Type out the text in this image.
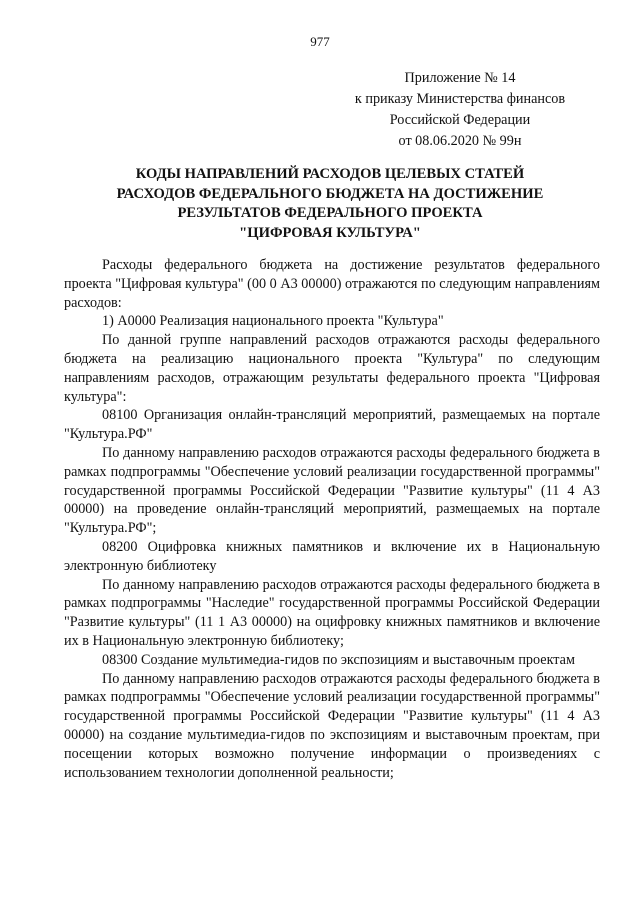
977
Приложение № 14
к приказу Министерства финансов
Российской Федерации
от 08.06.2020 № 99н
КОДЫ НАПРАВЛЕНИЙ РАСХОДОВ ЦЕЛЕВЫХ СТАТЕЙ
РАСХОДОВ ФЕДЕРАЛЬНОГО БЮДЖЕТА НА ДОСТИЖЕНИЕ
РЕЗУЛЬТАТОВ ФЕДЕРАЛЬНОГО ПРОЕКТА
"ЦИФРОВАЯ КУЛЬТУРА"

Расходы федерального бюджета на достижение результатов федерального проекта "Цифровая культура" (00 0 А3 00000) отражаются по следующим направлениям расходов:

1) А0000 Реализация национального проекта "Культура"

По данной группе направлений расходов отражаются расходы федерального бюджета на реализацию национального проекта "Культура" по следующим направлениям расходов, отражающим результаты федерального проекта "Цифровая культура":

08100 Организация онлайн-трансляций мероприятий, размещаемых на портале "Культура.РФ"

По данному направлению расходов отражаются расходы федерального бюджета в рамках подпрограммы "Обеспечение условий реализации государственной программы" государственной программы Российской Федерации "Развитие культуры" (11 4 А3 00000) на проведение онлайн-трансляций мероприятий, размещаемых на портале "Культура.РФ";

08200 Оцифровка книжных памятников и включение их в Национальную электронную библиотеку

По данному направлению расходов отражаются расходы федерального бюджета в рамках подпрограммы "Наследие" государственной программы Российской Федерации "Развитие культуры" (11 1 А3 00000) на оцифровку книжных памятников и включение их в Национальную электронную библиотеку;

08300 Создание мультимедиа-гидов по экспозициям и выставочным проектам

По данному направлению расходов отражаются расходы федерального бюджета в рамках подпрограммы "Обеспечение условий реализации государственной программы" государственной программы Российской Федерации "Развитие культуры" (11 4 А3 00000) на создание мультимедиа-гидов по экспозициям и выставочным проектам, при посещении которых возможно получение информации о произведениях с использованием технологии дополненной реальности;
